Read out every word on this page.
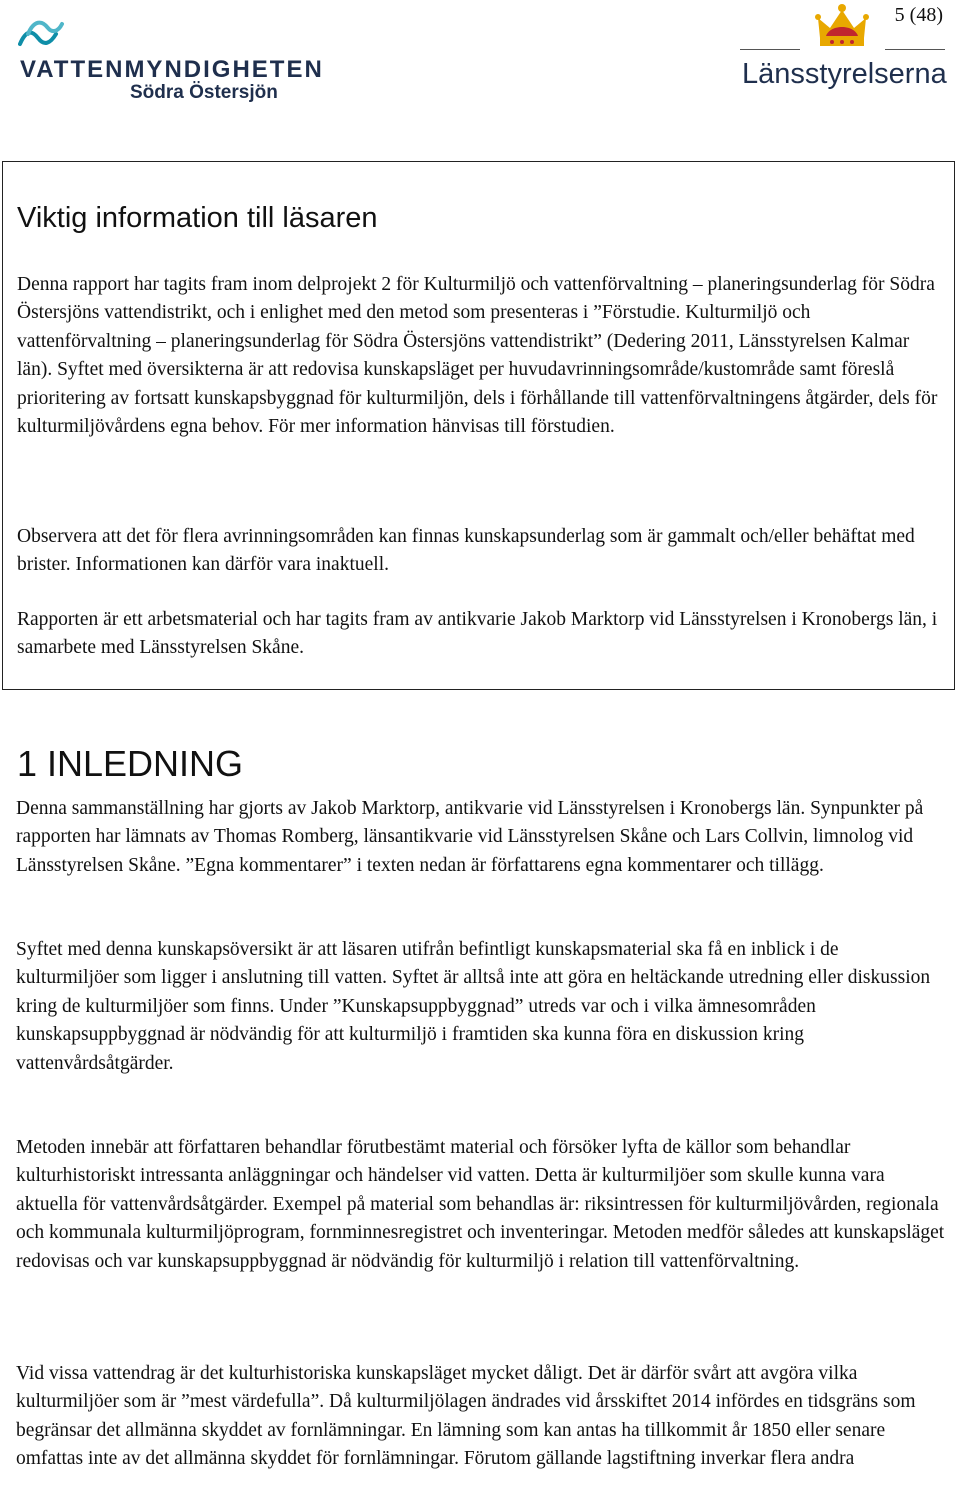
VATTENMYNDIGHETEN
Södra Östersjön
5 (48)
Länsstyrelserna
Viktig information till läsaren

Denna rapport har tagits fram inom delprojekt 2 för Kulturmiljö och vattenförvaltning – planeringsunderlag för Södra Östersjöns vattendistrikt, och i enlighet med den metod som presenteras i ”Förstudie. Kulturmiljö och vattenförvaltning – planeringsunderlag för Södra Östersjöns vattendistrikt” (Dedering 2011, Länsstyrelsen Kalmar län). Syftet med översikterna är att redovisa kunskapsläget per huvudavrinningsområde/kustområde samt föreslå prioritering av fortsatt kunskapsbyggnad för kulturmiljön, dels i förhållande till vattenförvaltningens åtgärder, dels för kulturmiljövårdens egna behov. För mer information hänvisas till förstudien.

Observera att det för flera avrinningsområden kan finnas kunskapsunderlag som är gammalt och/eller behäftat med brister. Informationen kan därför vara inaktuell.

Rapporten är ett arbetsmaterial och har tagits fram av antikvarie Jakob Marktorp vid Länsstyrelsen i Kronobergs län, i samarbete med Länsstyrelsen Skåne.

1 INLEDNING

Denna sammanställning har gjorts av Jakob Marktorp, antikvarie vid Länsstyrelsen i Kronobergs län. Synpunkter på rapporten har lämnats av Thomas Romberg, länsantikvarie vid Länsstyrelsen Skåne och Lars Collvin, limnolog vid Länsstyrelsen Skåne. ”Egna kommentarer” i texten nedan är författarens egna kommentarer och tillägg.

Syftet med denna kunskapsöversikt är att läsaren utifrån befintligt kunskapsmaterial ska få en inblick i de kulturmiljöer som ligger i anslutning till vatten. Syftet är alltså inte att göra en heltäckande utredning eller diskussion kring de kulturmiljöer som finns. Under ”Kunskapsuppbyggnad” utreds var och i vilka ämnesområden kunskapsuppbyggnad är nödvändig för att kulturmiljö i framtiden ska kunna föra en diskussion kring vattenvårdsåtgärder.

Metoden innebär att författaren behandlar förutbestämt material och försöker lyfta de källor som behandlar kulturhistoriskt intressanta anläggningar och händelser vid vatten. Detta är kulturmiljöer som skulle kunna vara aktuella för vattenvårdsåtgärder. Exempel på material som behandlas är: riksintressen för kulturmiljövården, regionala och kommunala kulturmiljöprogram, fornminnesregistret och inventeringar. Metoden medför således att kunskapsläget redovisas och var kunskapsuppbyggnad är nödvändig för kulturmiljö i relation till vattenförvaltning.

Vid vissa vattendrag är det kulturhistoriska kunskapsläget mycket dåligt. Det är därför svårt att avgöra vilka kulturmiljöer som är ”mest värdefulla”. Då kulturmiljölagen ändrades vid årsskiftet 2014 infördes en tidsgräns som begränsar det allmänna skyddet av fornlämningar. En lämning som kan antas ha tillkommit år 1850 eller senare omfattas inte av det allmänna skyddet för fornlämningar. Förutom gällande lagstiftning inverkar flera andra
